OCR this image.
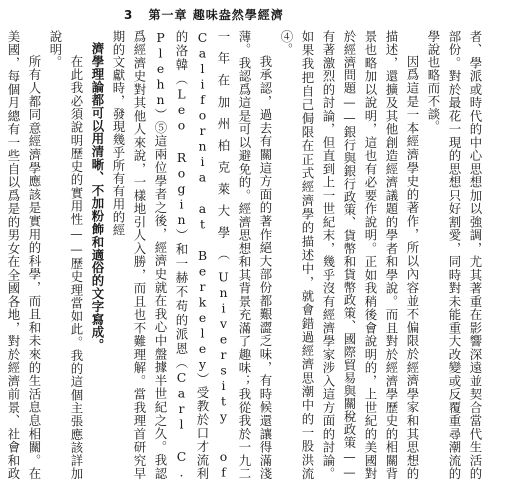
3 第一章 趣味盎然學經濟

者、學派或時代的中心思想加以強調，尤其著重在影響深遠並契合當代生活的部份。對於最花一現的思想只好割愛，同時對未能重大改變或反覆重尋潮流的學說也略而不談。

因爲這是一本經濟學史的著作，所以內容並不偏限於經濟學家和其思想的描述，還擴及其他創造經濟議題的學者和學說。而且對於經濟學歷史的相關背景也略加以說明，這也有必要作說明。正如我稍後會說明的，上世紀的美國對於經濟問題——銀行與銀行政策、貨幣和貨幣政策、國際貿易與關稅政策——有著激烈的討論，但直到上一世紀末，幾乎沒有經濟學家涉入這方面的討論。如果我把自己侷限在正式經濟學的描述中，就會錯過經濟思潮中的一股洪流④。

我承認，過去有關這方面的著作絕大部份都艱澀乏味，有時候還讓得滿淺薄。我認爲這是可以避免的。經濟思想和其背景充滿了趣味；我從我於一九二一年在加州柏克萊大學（University of California at Berkeley）受教於口才流利的洛韓（Leo Rogin）和一赫不苟的派恩（Carl C. Plehn）⑤這兩位學者之後，經濟史就在我心中盤據半世紀之久。我認爲經濟史對其他人來說，一樣地引人入勝，而且也不難理解。當我理首研究早期的文獻時，發現幾乎所有有用的經

濟學理論都可以用清晰、不加粉飾和適俗的文字寫成。

在此我必須說明歷史的實用性——歷史理當如此。我的這個主張應該詳加說明。

所有人都同意經濟學應該是實用的科學，而且和未來的生活息息相關。在美國，每個月總有一些自以爲是的男女在全國各地，對於經濟前景、社會和政
